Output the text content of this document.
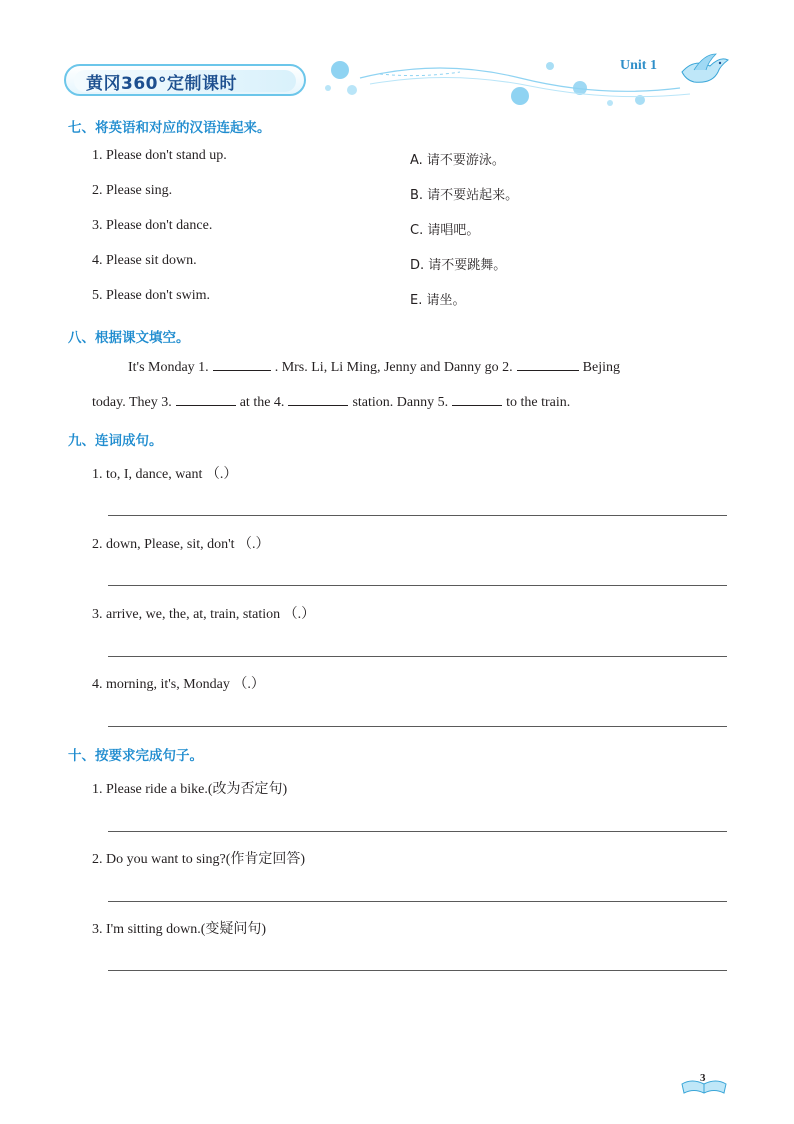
黄冈360°定制课时
Unit 1
七、将英语和对应的汉语连起来。
1. Please don't stand up.
2. Please sing.
3. Please don't dance.
4. Please sit down.
5. Please don't swim.
A. 请不要游泳。
B. 请不要站起来。
C. 请唱吧。
D. 请不要跳舞。
E. 请坐。
八、根据课文填空。
It's Monday 1.	. Mrs. Li, Li Ming, Jenny and Danny go 2.	Bejing
today. They 3.	at the 4.	station. Danny 5.	to the train.
九、连词成句。
1. to, I, dance, want （.）
2. down, Please, sit, don't （.）
3. arrive, we, the, at, train, station （.）
4. morning, it's, Monday （.）
十、按要求完成句子。
1. Please ride a bike.(改为否定句)
2. Do you want to sing?(作肯定回答)
3. I'm sitting down.(变疑问句)
3
